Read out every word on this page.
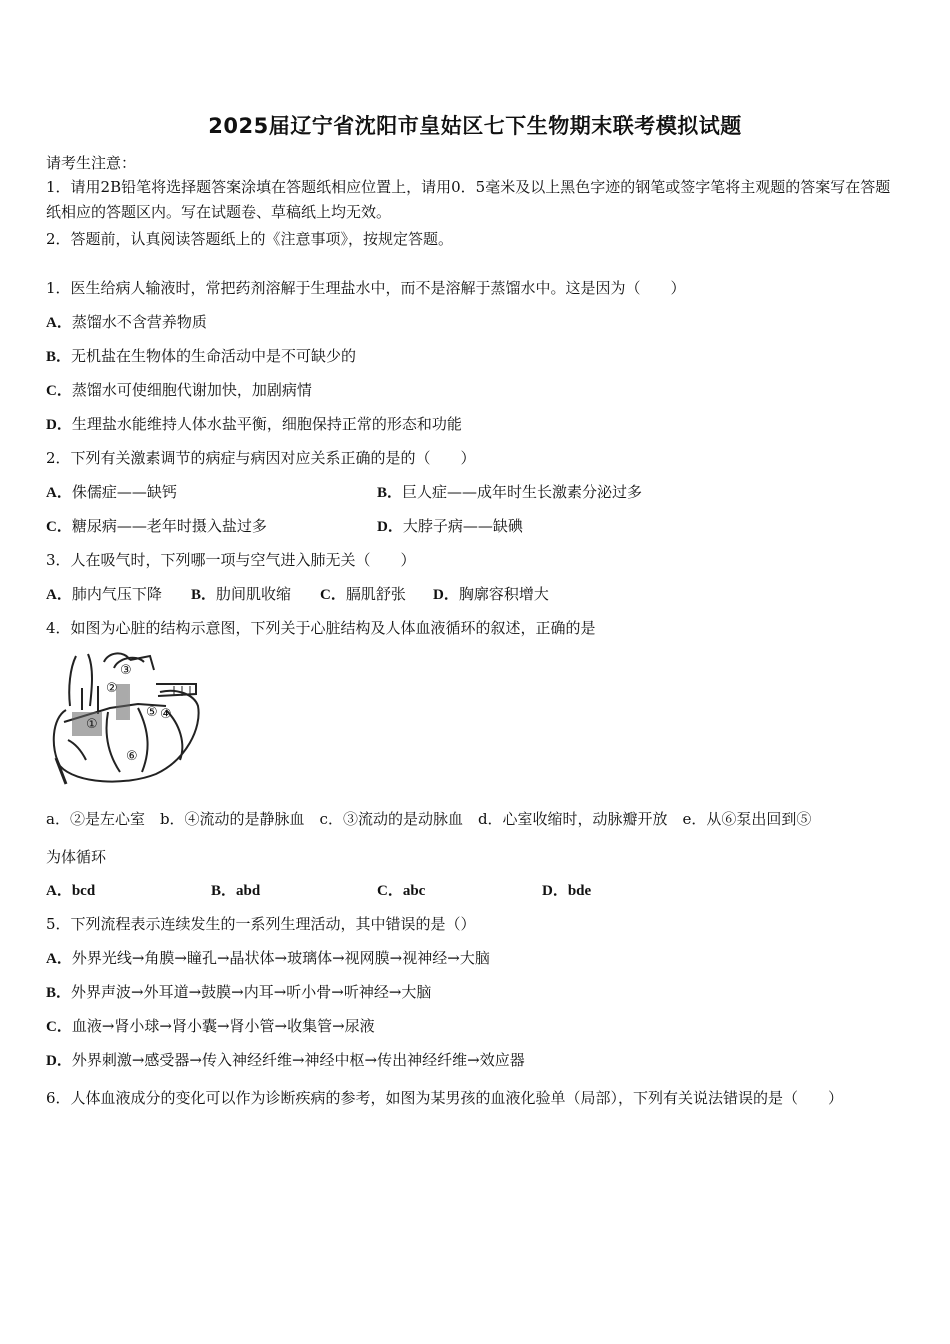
2025届辽宁省沈阳市皇姑区七下生物期末联考模拟试题
请考生注意：
1．请用2B铅笔将选择题答案涂填在答题纸相应位置上，请用0．5毫米及以上黑色字迹的钢笔或签字笔将主观题的答案写在答题纸相应的答题区内。写在试题卷、草稿纸上均无效。
2．答题前，认真阅读答题纸上的《注意事项》，按规定答题。
1．医生给病人输液时，常把药剂溶解于生理盐水中，而不是溶解于蒸馏水中。这是因为（　　）
A．蒸馏水不含营养物质
B．无机盐在生物体的生命活动中是不可缺少的
C．蒸馏水可使细胞代谢加快，加剧病情
D．生理盐水能维持人体水盐平衡，细胞保持正常的形态和功能
2．下列有关激素调节的病症与病因对应关系正确的是的（　　）
A．侏儒症——缺钙	B．巨人症——成年时生长激素分泌过多
C．糖尿病——老年时摄入盐过多	D．大脖子病——缺碘
3．人在吸气时，下列哪一项与空气进入肺无关（　　）
A．肺内气压下降 B．肋间肌收缩 C．膈肌舒张 D．胸廓容积增大
4．如图为心脏的结构示意图，下列关于心脏结构及人体血液循环的叙述，正确的是
③
②
⑤
①
④
⑥
a．②是左心室　b．④流动的是静脉血　c．③流动的是动脉血　d．心室收缩时，动脉瓣开放　e．从⑥泵出回到⑤
为体循环
A．bcd	B．abd	C．abc	D．bde
5．下列流程表示连续发生的一系列生理活动，其中错误的是（）
A．外界光线→角膜→瞳孔→晶状体→玻璃体→视网膜→视神经→大脑
B．外界声波→外耳道→鼓膜→内耳→听小骨→听神经→大脑
C．血液→肾小球→肾小囊→肾小管→收集管→尿液
D．外界刺激→感受器→传入神经纤维→神经中枢→传出神经纤维→效应器
6．人体血液成分的变化可以作为诊断疾病的参考，如图为某男孩的血液化验单（局部），下列有关说法错误的是（　　）
